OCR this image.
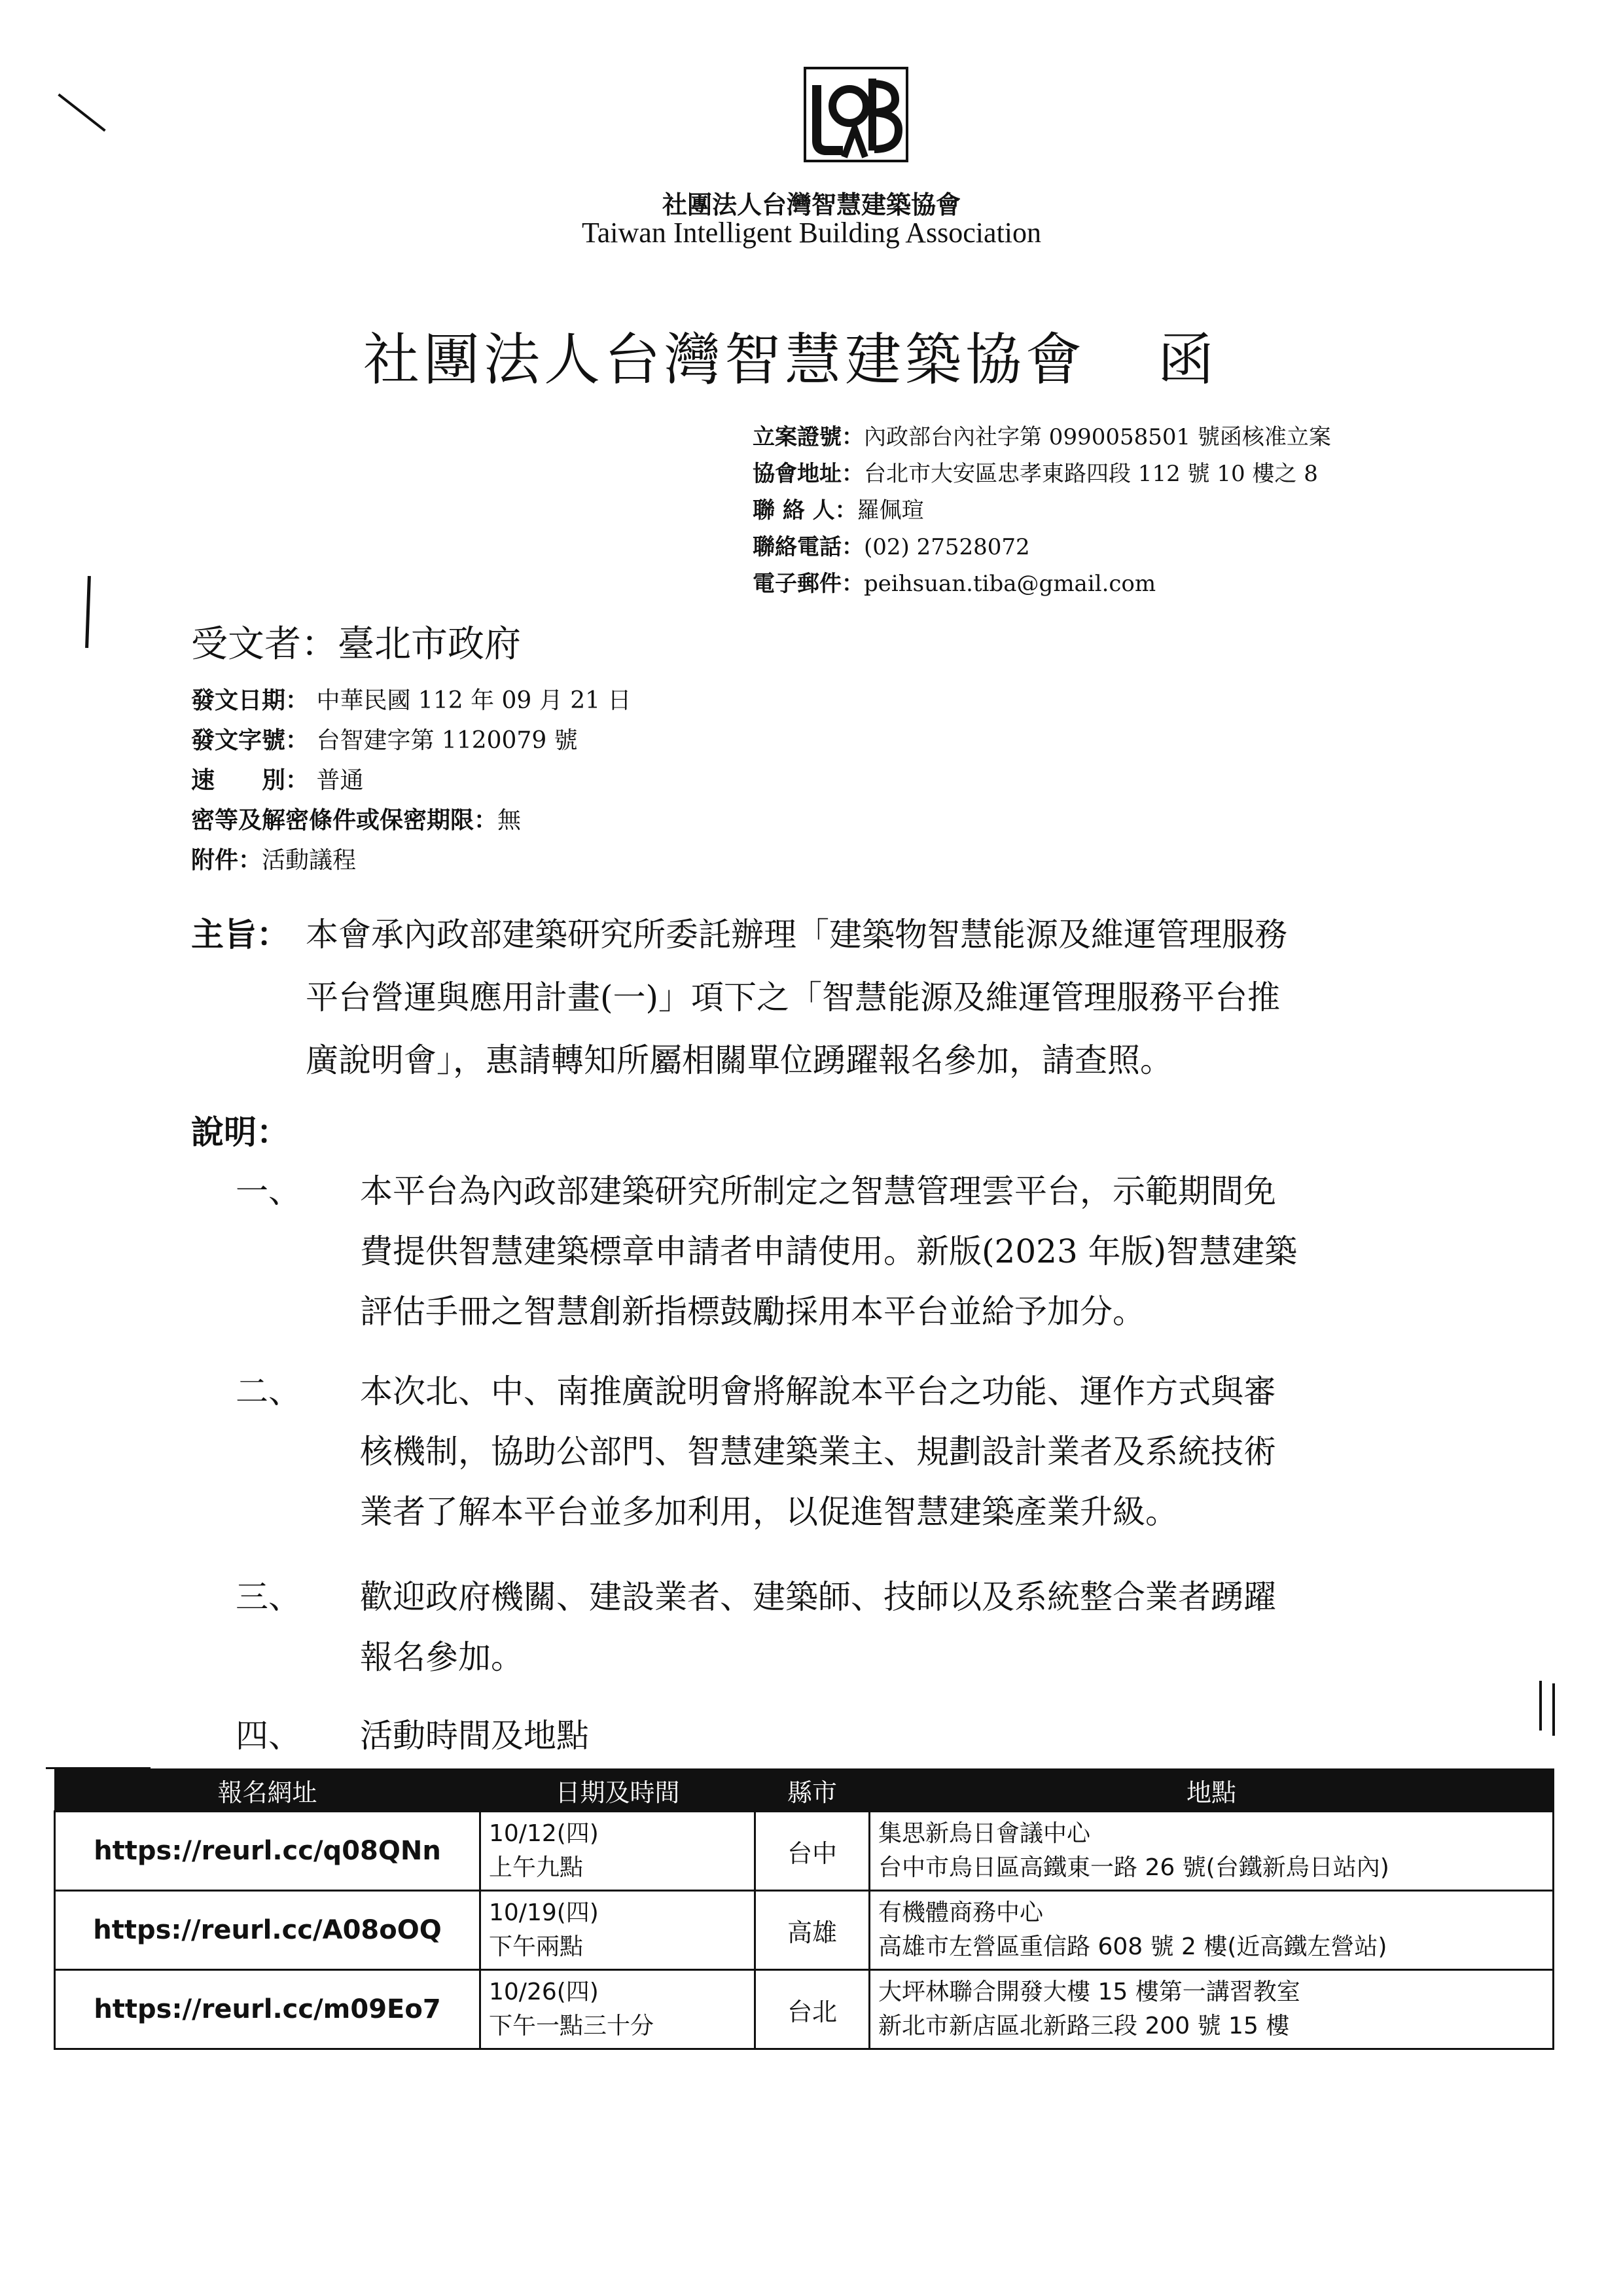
社團法人台灣智慧建築協會
Taiwan Intelligent Building Association
社團法人台灣智慧建築協會 函
立案證號：內政部台內社字第 0990058501 號函核准立案
協會地址：台北市大安區忠孝東路四段 112 號 10 樓之 8
聯 絡 人：羅佩瑄
聯絡電話：(02) 27528072
電子郵件：peihsuan.tiba@gmail.com
受文者：臺北市政府
發文日期： 中華民國 112 年 09 月 21 日
發文字號： 台智建字第 1120079 號
速　　別： 普通
密等及解密條件或保密期限：無
附件：活動議程
主旨： 本會承內政部建築研究所委託辦理「建築物智慧能源及維運管理服務
平台營運與應用計畫(一)」項下之「智慧能源及維運管理服務平台推
廣說明會」，惠請轉知所屬相關單位踴躍報名參加，請查照。
說明：
一、 本平台為內政部建築研究所制定之智慧管理雲平台，示範期間免
費提供智慧建築標章申請者申請使用。新版(2023 年版)智慧建築
評估手冊之智慧創新指標鼓勵採用本平台並給予加分。
二、 本次北、中、南推廣說明會將解說本平台之功能、運作方式與審
核機制，協助公部門、智慧建築業主、規劃設計業者及系統技術
業者了解本平台並多加利用，以促進智慧建築產業升級。
三、 歡迎政府機關、建設業者、建築師、技師以及系統整合業者踴躍
報名參加。
四、 活動時間及地點
報名網址	日期及時間	縣市	地點
https://reurl.cc/q08QNn	10/12(四)
上午九點	台中	集思新烏日會議中心
台中市烏日區高鐵東一路 26 號(台鐵新烏日站內)

https://reurl.cc/A08oOQ	10/19(四)
下午兩點	高雄	有機體商務中心
高雄市左營區重信路 608 號 2 樓(近高鐵左營站)

https://reurl.cc/m09Eo7	10/26(四)
下午一點三十分	台北	大坪林聯合開發大樓 15 樓第一講習教室
新北市新店區北新路三段 200 號 15 樓
